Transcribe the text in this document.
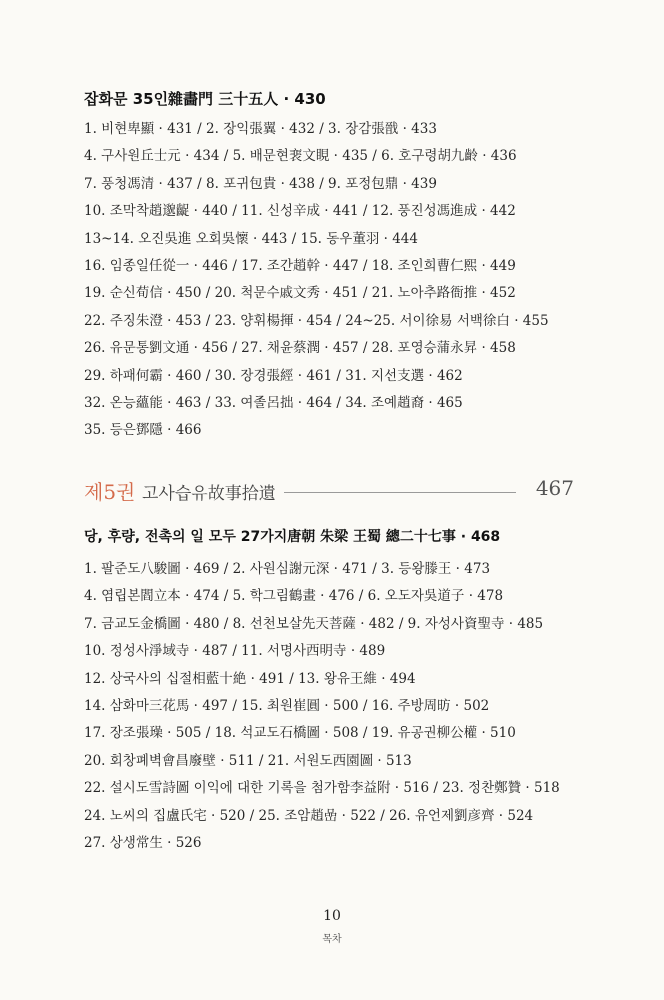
잡화문 35인雜畵門 三十五人 · 430
1. 비현卑顯 · 431 / 2. 장익張翼 · 432 / 3. 장감張戩 · 433
4. 구사원丘士元 · 434 / 5. 배문현裵文睍 · 435 / 6. 호구령胡九齡 · 436
7. 풍청馮清 · 437 / 8. 포귀包貴 · 438 / 9. 포정包鼎 · 439
10. 조막착趙邈齪 · 440 / 11. 신성辛成 · 441 / 12. 풍진성馮進成 · 442
13~14. 오진吳進 오회吳懷 · 443 / 15. 동우董羽 · 444
16. 임종일任從一 · 446 / 17. 조간趙幹 · 447 / 18. 조인희曹仁熙 · 449
19. 순신荀信 · 450 / 20. 척문수戚文秀 · 451 / 21. 노아추路衙推 · 452
22. 주징朱澄 · 453 / 23. 양휘楊揮 · 454 / 24~25. 서이徐易 서백徐白 · 455
26. 유문통劉文通 · 456 / 27. 채윤蔡潤 · 457 / 28. 포영승蒲永昇 · 458
29. 하패何霸 · 460 / 30. 장경張經 · 461 / 31. 지선支選 · 462
32. 온능蘊能 · 463 / 33. 여졸呂拙 · 464 / 34. 조예趙裔 · 465
35. 등은鄧隱 · 466
제5권 고사습유故事拾遺	467
당, 후량, 전촉의 일 모두 27가지唐朝 朱梁 王蜀 總二十七事 · 468
1. 팔준도八駿圖 · 469 / 2. 사원심謝元深 · 471 / 3. 등왕滕王 · 473
4. 염립본閻立本 · 474 / 5. 학그림鶴畫 · 476 / 6. 오도자吳道子 · 478
7. 금교도金橋圖 · 480 / 8. 선천보살先天菩薩 · 482 / 9. 자성사資聖寺 · 485
10. 정성사淨域寺 · 487 / 11. 서명사西明寺 · 489
12. 상국사의 십절相藍十絶 · 491 / 13. 왕유王維 · 494
14. 삼화마三花馬 · 497 / 15. 최원崔圓 · 500 / 16. 주방周昉 · 502
17. 장조張璪 · 505 / 18. 석교도石橋圖 · 508 / 19. 유공권柳公權 · 510
20. 회창폐벽會昌廢壁 · 511 / 21. 서원도西園圖 · 513
22. 설시도雪詩圖 이익에 대한 기록을 첨가함李益附 · 516 / 23. 정찬鄭贊 · 518
24. 노씨의 집盧氏宅 · 520 / 25. 조암趙嵒 · 522 / 26. 유언제劉彦齊 · 524
27. 상생常生 · 526
10
목차
